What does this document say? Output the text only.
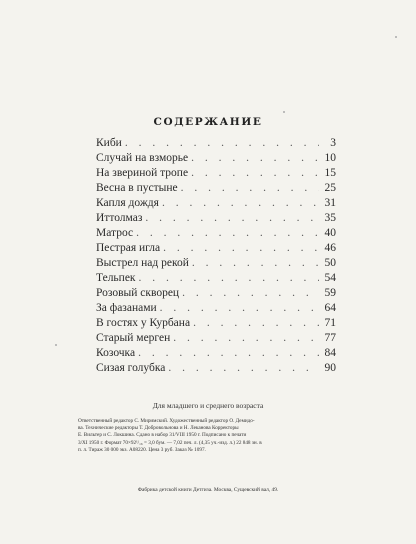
СОДЕРЖАНИЕ
Киби . . .	3
Случай на взморье . . .	10
На звериной тропе . . .	15
Весна в пустыне . . .	25
Капля дождя . . .	31
Иттолмаз . . .	35
Матрос . . .	40
Пестрая игла . . .	46
Выстрел над рекой . . .	50
Тельпек . . .	54
Розовый скворец . . .	59
За фазанами . . .	64
В гостях у Курбана . . .	71
Старый мерген . . .	77
Козочка . . .	84
Сизая голубка . . .	90
Для младшего и среднего возраста
Ответственный редактор С. Миримский. Художественный редактор О. Демидо-
ва. Технические редакторы Т. Добровольнова и Н. Леканова Корректоры
Е. Вильтер и С. Локшина. Сдано в набор 31/VIII 1950 г. Подписано к печати
3/XI 1950 г. Формат 70×92¹/₁₆ = 3,0 бум. — 7,02 печ. л. (4,35 уч.-изд. л.) 22 848 зн. в
п. л. Тираж 30 000 экз. А08220. Цена 3 руб. Заказ № 1097.
Фабрика детской книги Детгиза. Москва, Сущевский вал, 49.
